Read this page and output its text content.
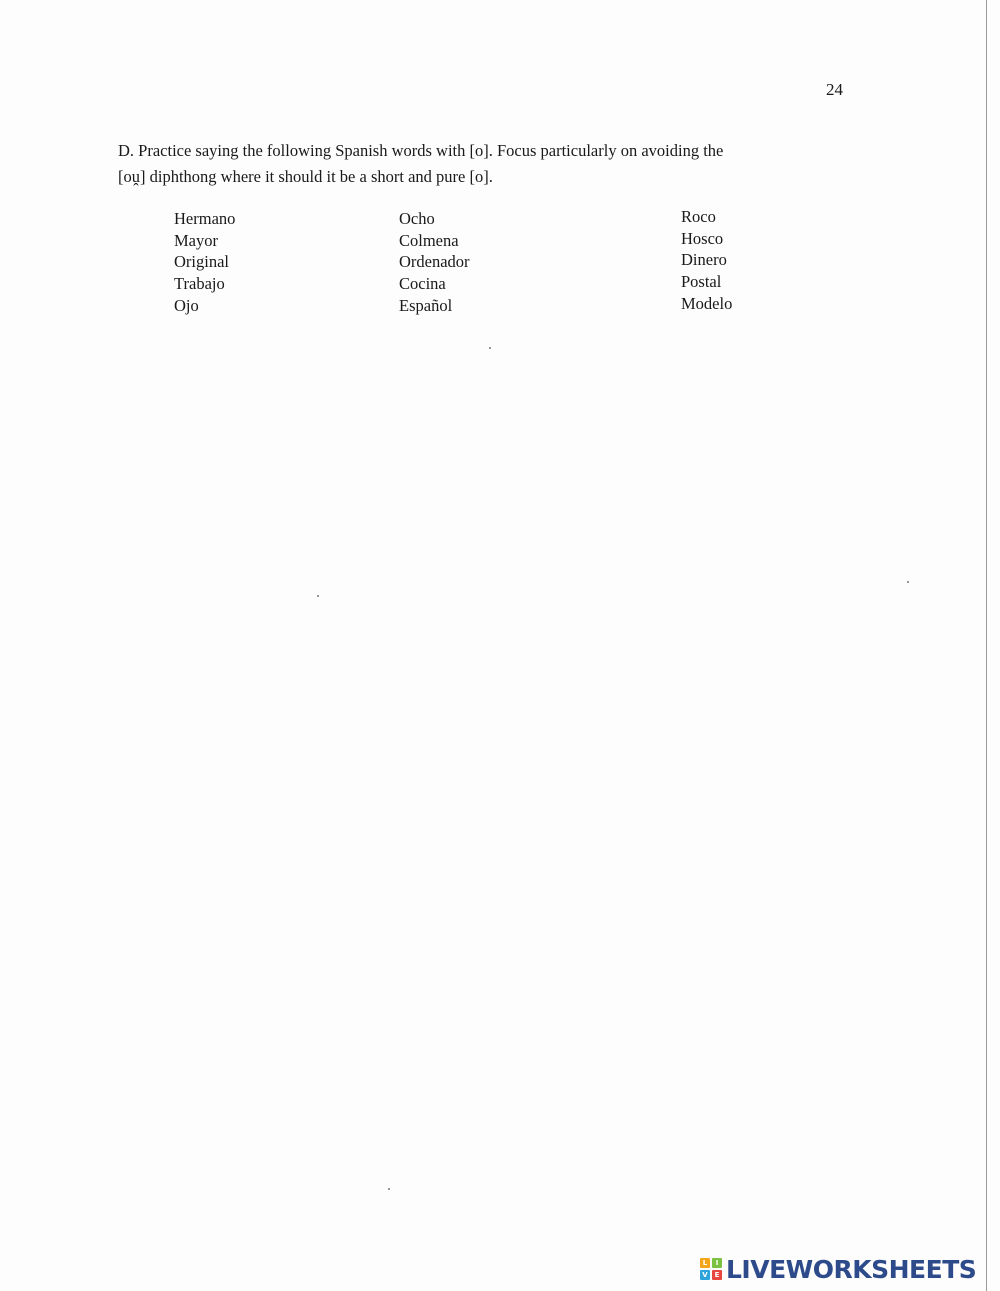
24

D. Practice saying the following Spanish words with [o]. Focus particularly on avoiding the

[oṷ] diphthong where it should it be a short and pure [o].

Hermano
Mayor
Original
Trabajo
Ojo
Ocho
Colmena
Ordenador
Cocina
Español
Roco
Hosco
Dinero
Postal
Modelo
L	I
V E LIVEWORKSHEETS
